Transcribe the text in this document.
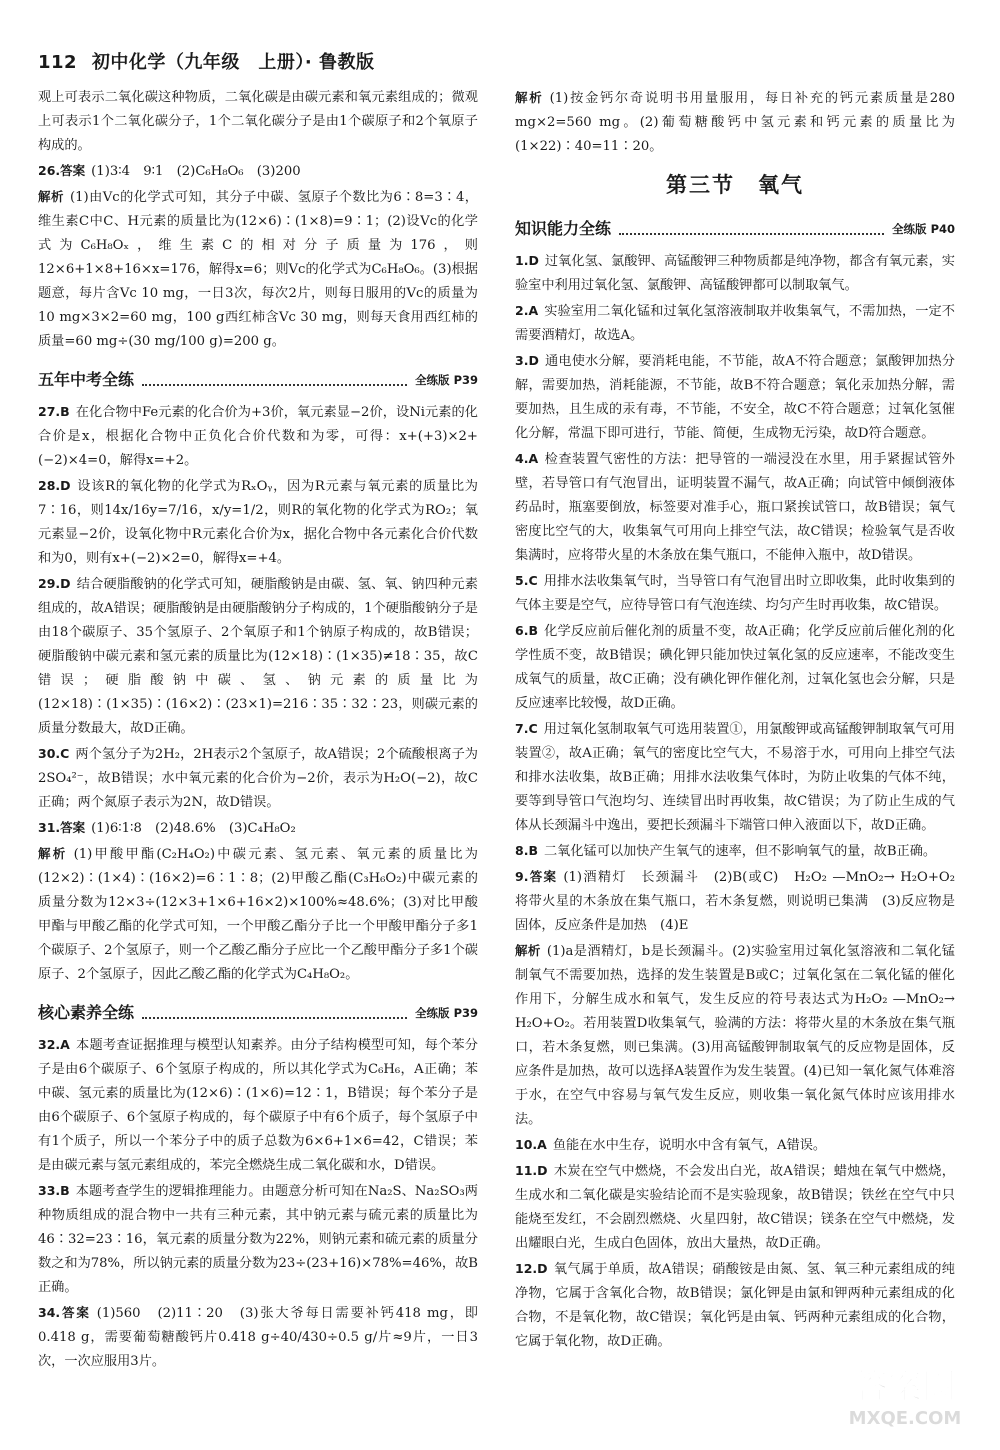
112 初中化学（九年级　上册）· 鲁教版

观上可表示二氧化碳这种物质，二氧化碳是由碳元素和氧元素组成的；微观上可表示1个二氧化碳分子，1个二氧化碳分子是由1个碳原子和2个氧原子构成的。

26.答案 (1)3∶4　9∶1　(2)C₆H₈O₆　(3)200

解析 (1)由Vc的化学式可知，其分子中碳、氢原子个数比为6∶8=3∶4，维生素C中C、H元素的质量比为(12×6)∶(1×8)=9∶1；(2)设Vc的化学式为C₆H₈Oₓ，维生素C的相对分子质量为176，则12×6+1×8+16×x=176，解得x=6；则Vc的化学式为C₆H₈O₆。(3)根据题意，每片含Vc 10 mg，一日3次，每次2片，则每日服用的Vc的质量为10 mg×3×2=60 mg，100 g西红柿含Vc 30 mg，则每天食用西红柿的质量=60 mg÷(30 mg/100 g)=200 g。

五年中考全练	全练版 P39

27.B 在化合物中Fe元素的化合价为+3价，氧元素显−2价，设Ni元素的化合价是x，根据化合物中正负化合价代数和为零，可得：x+(+3)×2+(−2)×4=0，解得x=+2。

28.D 设该R的氧化物的化学式为RₓOᵧ，因为R元素与氧元素的质量比为7∶16，则14x/16y=7/16，x/y=1/2，则R的氧化物的化学式为RO₂；氧元素显−2价，设氧化物中R元素化合价为x，据化合物中各元素化合价代数和为0，则有x+(−2)×2=0，解得x=+4。

29.D 结合硬脂酸钠的化学式可知，硬脂酸钠是由碳、氢、氧、钠四种元素组成的，故A错误；硬脂酸钠是由硬脂酸钠分子构成的，1个硬脂酸钠分子是由18个碳原子、35个氢原子、2个氧原子和1个钠原子构成的，故B错误；硬脂酸钠中碳元素和氢元素的质量比为(12×18)∶(1×35)≠18∶35，故C错误；硬脂酸钠中碳、氢、钠元素的质量比为(12×18)∶(1×35)∶(16×2)∶(23×1)=216∶35∶32∶23，则碳元素的质量分数最大，故D正确。

30.C 两个氢分子为2H₂，2H表示2个氢原子，故A错误；2个硫酸根离子为2SO₄²⁻，故B错误；水中氧元素的化合价为−2价，表示为H₂O(−2)，故C正确；两个氮原子表示为2N，故D错误。

31.答案 (1)6∶1∶8　(2)48.6%　(3)C₄H₈O₂

解析 (1)甲酸甲酯(C₂H₄O₂)中碳元素、氢元素、氧元素的质量比为(12×2)∶(1×4)∶(16×2)=6∶1∶8；(2)甲酸乙酯(C₃H₆O₂)中碳元素的质量分数为12×3÷(12×3+1×6+16×2)×100%≈48.6%；(3)对比甲酸甲酯与甲酸乙酯的化学式可知，一个甲酸乙酯分子比一个甲酸甲酯分子多1个碳原子、2个氢原子，则一个乙酸乙酯分子应比一个乙酸甲酯分子多1个碳原子、2个氢原子，因此乙酸乙酯的化学式为C₄H₈O₂。

核心素养全练	全练版 P39

32.A 本题考查证据推理与模型认知素养。由分子结构模型可知，每个苯分子是由6个碳原子、6个氢原子构成的，所以其化学式为C₆H₆，A正确；苯中碳、氢元素的质量比为(12×6)∶(1×6)=12∶1，B错误；每个苯分子是由6个碳原子、6个氢原子构成的，每个碳原子中有6个质子，每个氢原子中有1个质子，所以一个苯分子中的质子总数为6×6+1×6=42，C错误；苯是由碳元素与氢元素组成的，苯完全燃烧生成二氧化碳和水，D错误。

33.B 本题考查学生的逻辑推理能力。由题意分析可知在Na₂S、Na₂SO₃两种物质组成的混合物中一共有三种元素，其中钠元素与硫元素的质量比为46∶32=23∶16，氧元素的质量分数为22%，则钠元素和硫元素的质量分数之和为78%，所以钠元素的质量分数为23÷(23+16)×78%=46%，故B正确。

34.答案 (1)560　(2)11∶20　(3)张大爷每日需要补钙418 mg，即0.418 g，需要葡萄糖酸钙片0.418 g÷40/430÷0.5 g/片≈9片，一日3次，一次应服用3片。

解析 (1)按金钙尔奇说明书用量服用，每日补充的钙元素质量是280 mg×2=560 mg。(2)葡萄糖酸钙中氢元素和钙元素的质量比为(1×22)∶40=11∶20。

第三节　氧气
知识能力全练	全练版 P40

1.D 过氧化氢、氯酸钾、高锰酸钾三种物质都是纯净物，都含有氧元素，实验室中利用过氧化氢、氯酸钾、高锰酸钾都可以制取氧气。

2.A 实验室用二氧化锰和过氧化氢溶液制取并收集氧气，不需加热，一定不需要酒精灯，故选A。

3.D 通电使水分解，要消耗电能，不节能，故A不符合题意；氯酸钾加热分解，需要加热，消耗能源，不节能，故B不符合题意；氧化汞加热分解，需要加热，且生成的汞有毒，不节能，不安全，故C不符合题意；过氧化氢催化分解，常温下即可进行，节能、简便，生成物无污染，故D符合题意。

4.A 检查装置气密性的方法：把导管的一端浸没在水里，用手紧握试管外壁，若导管口有气泡冒出，证明装置不漏气，故A正确；向试管中倾倒液体药品时，瓶塞要倒放，标签要对准手心，瓶口紧挨试管口，故B错误；氧气密度比空气的大，收集氧气可用向上排空气法，故C错误；检验氧气是否收集满时，应将带火星的木条放在集气瓶口，不能伸入瓶中，故D错误。

5.C 用排水法收集氧气时，当导管口有气泡冒出时立即收集，此时收集到的气体主要是空气，应待导管口有气泡连续、均匀产生时再收集，故C错误。

6.B 化学反应前后催化剂的质量不变，故A正确；化学反应前后催化剂的化学性质不变，故B错误；碘化钾只能加快过氧化氢的反应速率，不能改变生成氧气的质量，故C正确；没有碘化钾作催化剂，过氧化氢也会分解，只是反应速率比较慢，故D正确。

7.C 用过氧化氢制取氧气可选用装置①，用氯酸钾或高锰酸钾制取氧气可用装置②，故A正确；氧气的密度比空气大，不易溶于水，可用向上排空气法和排水法收集，故B正确；用排水法收集气体时，为防止收集的气体不纯，要等到导管口气泡均匀、连续冒出时再收集，故C错误；为了防止生成的气体从长颈漏斗中逸出，要把长颈漏斗下端管口伸入液面以下，故D正确。

8.B 二氧化锰可以加快产生氧气的速率，但不影响氧气的量，故B正确。

9.答案 (1)酒精灯　长颈漏斗　(2)B(或C)　H₂O₂ —MnO₂→ H₂O+O₂　将带火星的木条放在集气瓶口，若木条复燃，则说明已集满　(3)反应物是固体，反应条件是加热　(4)E

解析 (1)a是酒精灯，b是长颈漏斗。(2)实验室用过氧化氢溶液和二氧化锰制氧气不需要加热，选择的发生装置是B或C；过氧化氢在二氧化锰的催化作用下，分解生成水和氧气，发生反应的符号表达式为H₂O₂ —MnO₂→ H₂O+O₂。若用装置D收集氧气，验满的方法：将带火星的木条放在集气瓶口，若木条复燃，则已集满。(3)用高锰酸钾制取氧气的反应物是固体，反应条件是加热，故可以选择A装置作为发生装置。(4)已知一氧化氮气体难溶于水，在空气中容易与氧气发生反应，则收集一氧化氮气体时应该用排水法。

10.A 鱼能在水中生存，说明水中含有氧气，A错误。

11.D 木炭在空气中燃烧，不会发出白光，故A错误；蜡烛在氧气中燃烧，生成水和二氧化碳是实验结论而不是实验现象，故B错误；铁丝在空气中只能烧至发红，不会剧烈燃烧、火星四射，故C错误；镁条在空气中燃烧，发出耀眼白光，生成白色固体，放出大量热，故D正确。

12.D 氧气属于单质，故A错误；硝酸铵是由氮、氢、氧三种元素组成的纯净物，它属于含氧化合物，故B错误；氯化钾是由氯和钾两种元素组成的化合物，不是氧化物，故C错误；氧化钙是由氧、钙两种元素组成的化合物，它属于氧化物，故D正确。

答案圈
MXQE.COM
